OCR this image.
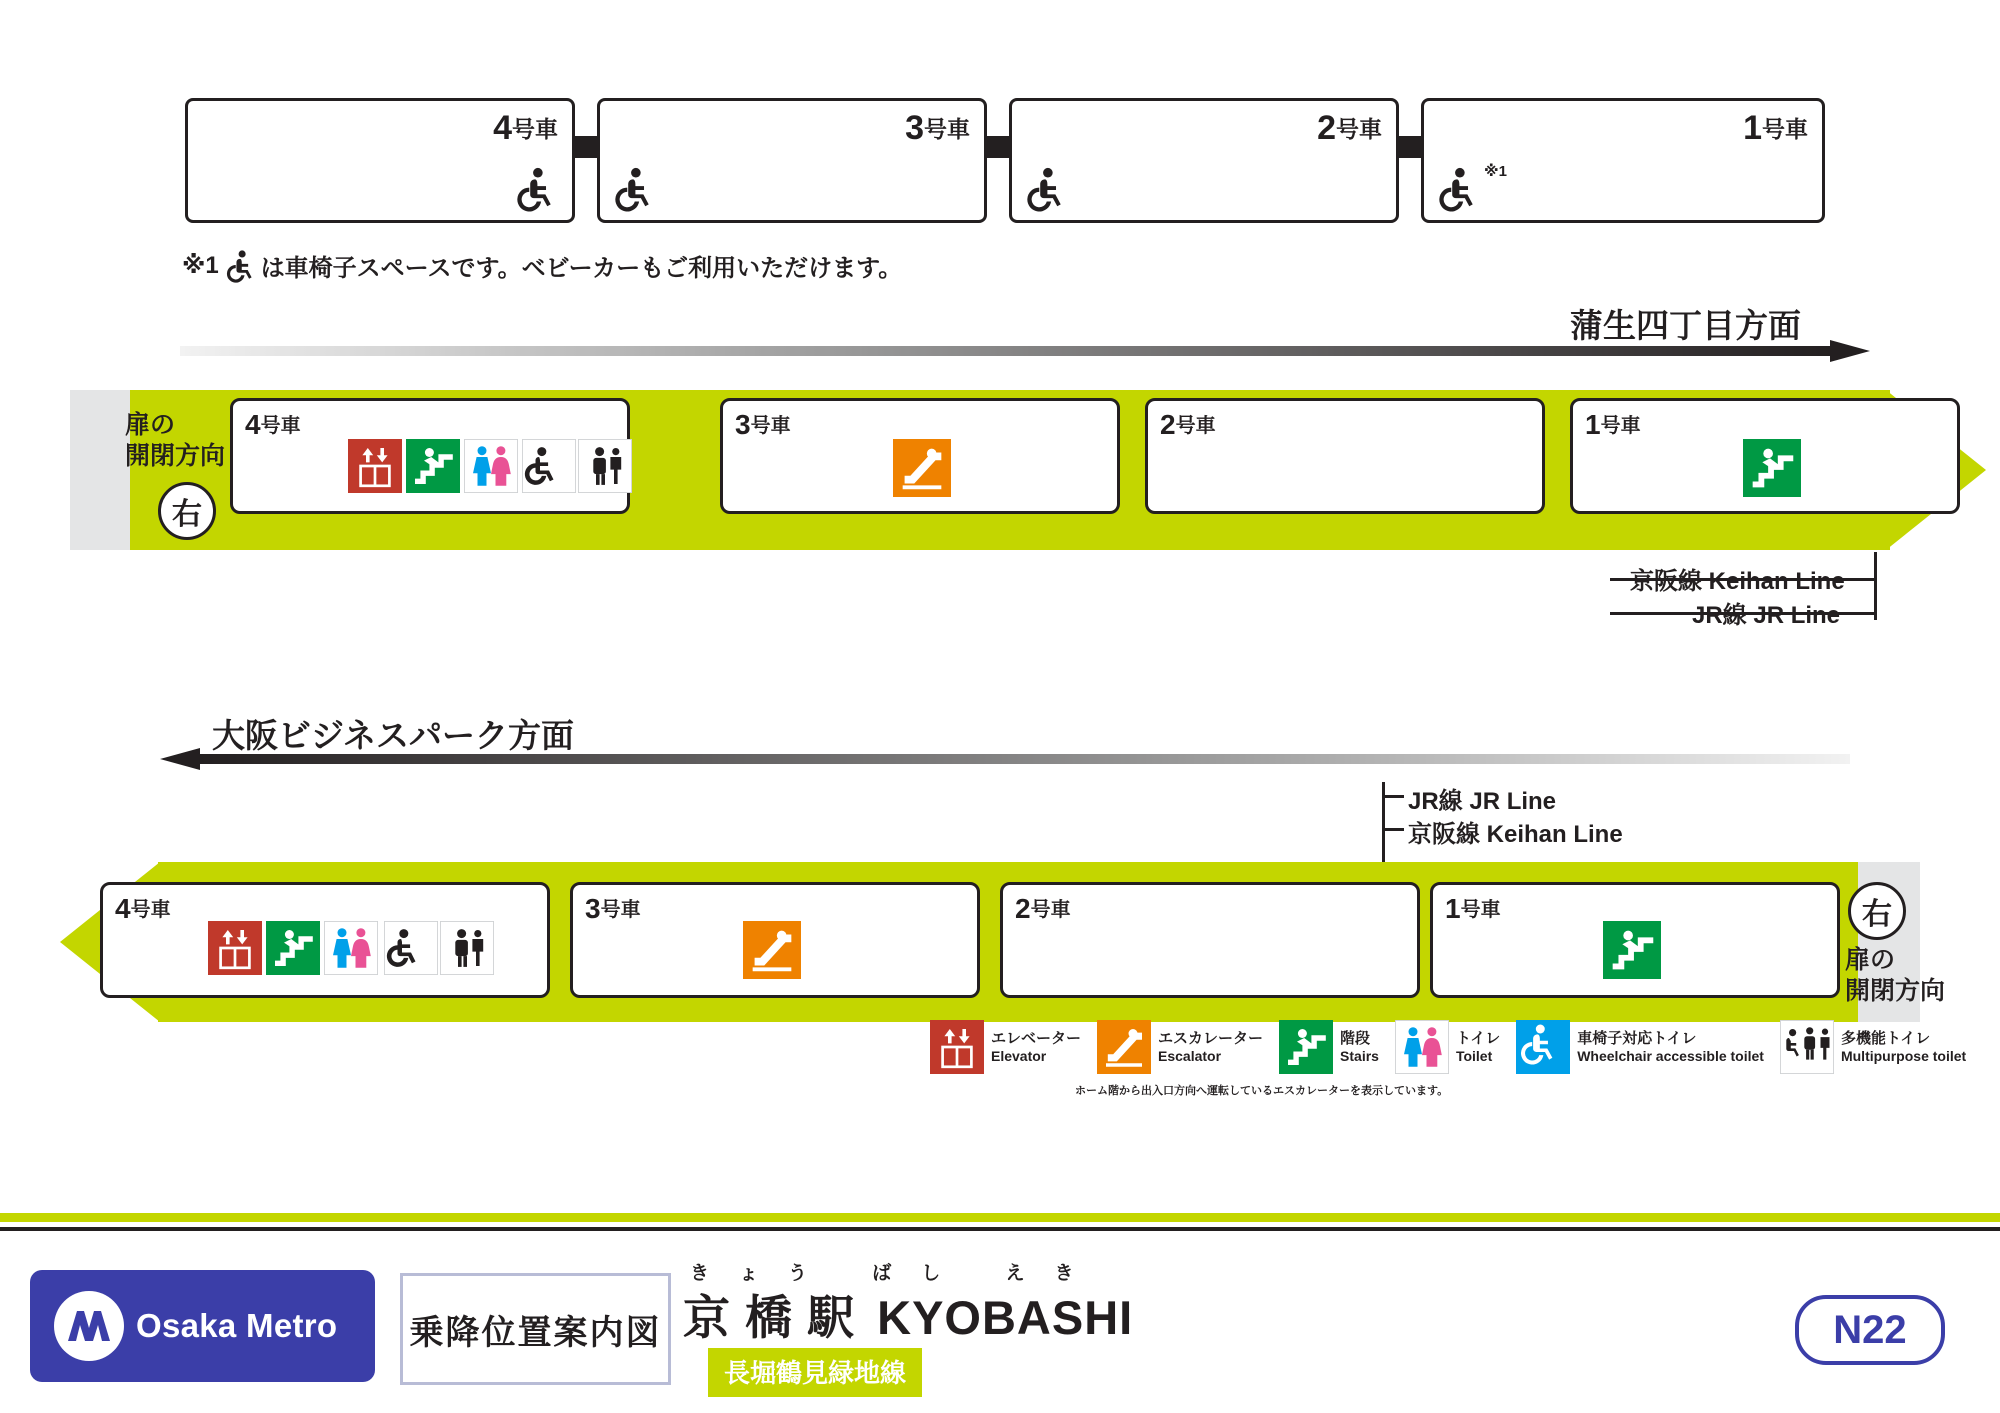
4号車	3号車	2号車	1号車
※1
※1 は車椅子スペースです。ベビーカーもご利用いただけます。
蒲生四丁目方面
扉の
開閉方向
右
4号車	3号車	2号車	1号車
京阪線 Keihan Line
JR線 JR Line
大阪ビジネスパーク方面
JR線 JR Line
京阪線 Keihan Line
4号車	3号車	2号車	1号車	右
扉の
開閉方向
エレベーター
Elevator
エスカレーター
Escalator
階段
Stairs
トイレ
Toilet
車椅子対応トイレ
Wheelchair accessible toilet
多機能トイレ
Multipurpose toilet
ホーム階から出入口方向へ運転しているエスカレーターを表示しています。
Osaka Metro 乗降位置案内図
きょう ばし えき
京 橋 駅 KYOBASHI
長堀鶴見緑地線
N22
